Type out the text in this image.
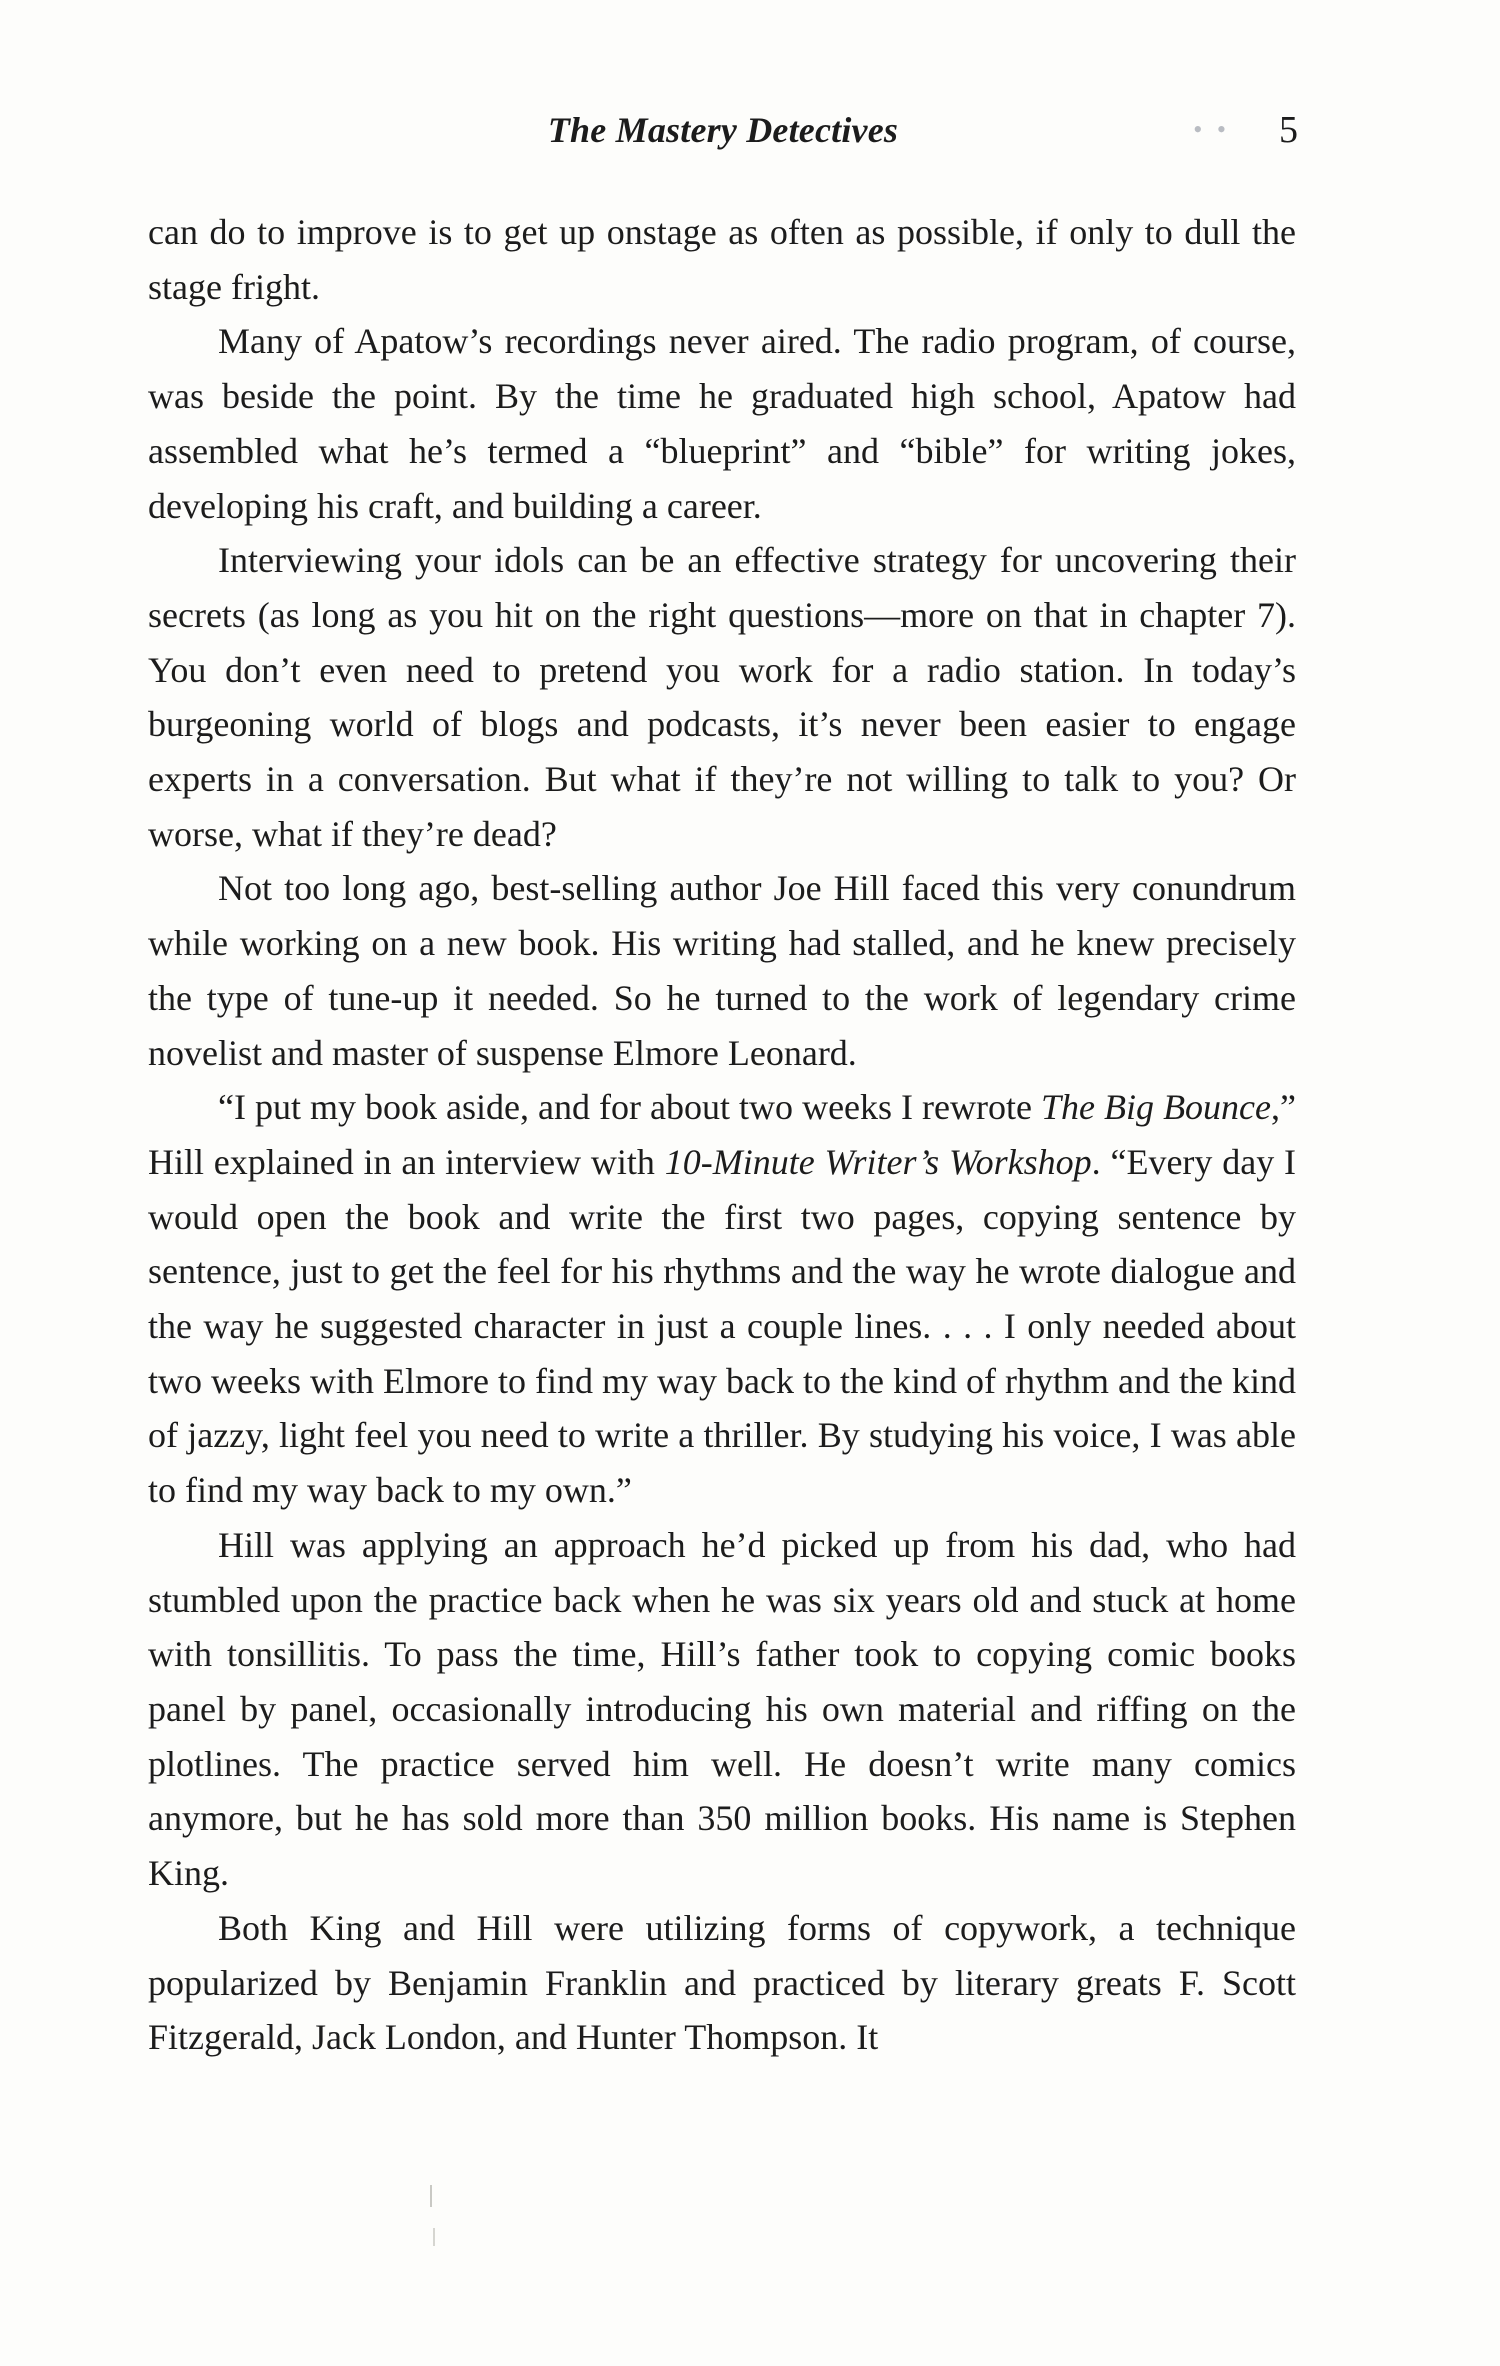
The Mastery Detectives	• • 5

can do to improve is to get up onstage as often as possible, if only to dull the stage fright.

Many of Apatow’s recordings never aired. The radio program, of course, was beside the point. By the time he graduated high school, Apatow had assembled what he’s termed a “blueprint” and “bible” for writing jokes, developing his craft, and building a career.

Interviewing your idols can be an effective strategy for uncovering their secrets (as long as you hit on the right questions—more on that in chapter 7). You don’t even need to pretend you work for a radio station. In today’s burgeoning world of blogs and podcasts, it’s never been easier to engage experts in a conversation. But what if they’re not willing to talk to you? Or worse, what if they’re dead?

Not too long ago, best-selling author Joe Hill faced this very conundrum while working on a new book. His writing had stalled, and he knew precisely the type of tune-up it needed. So he turned to the work of legendary crime novelist and master of suspense Elmore Leonard.

“I put my book aside, and for about two weeks I rewrote The Big Bounce,” Hill explained in an interview with 10-Minute Writer’s Workshop. “Every day I would open the book and write the first two pages, copying sentence by sentence, just to get the feel for his rhythms and the way he wrote dialogue and the way he suggested character in just a couple lines. . . . I only needed about two weeks with Elmore to find my way back to the kind of rhythm and the kind of jazzy, light feel you need to write a thriller. By studying his voice, I was able to find my way back to my own.”

Hill was applying an approach he’d picked up from his dad, who had stumbled upon the practice back when he was six years old and stuck at home with tonsillitis. To pass the time, Hill’s father took to copying comic books panel by panel, occasionally introducing his own material and riffing on the plotlines. The practice served him well. He doesn’t write many comics anymore, but he has sold more than 350 million books. His name is Stephen King.

Both King and Hill were utilizing forms of copywork, a technique popularized by Benjamin Franklin and practiced by literary greats F. Scott Fitzgerald, Jack London, and Hunter Thompson. It
